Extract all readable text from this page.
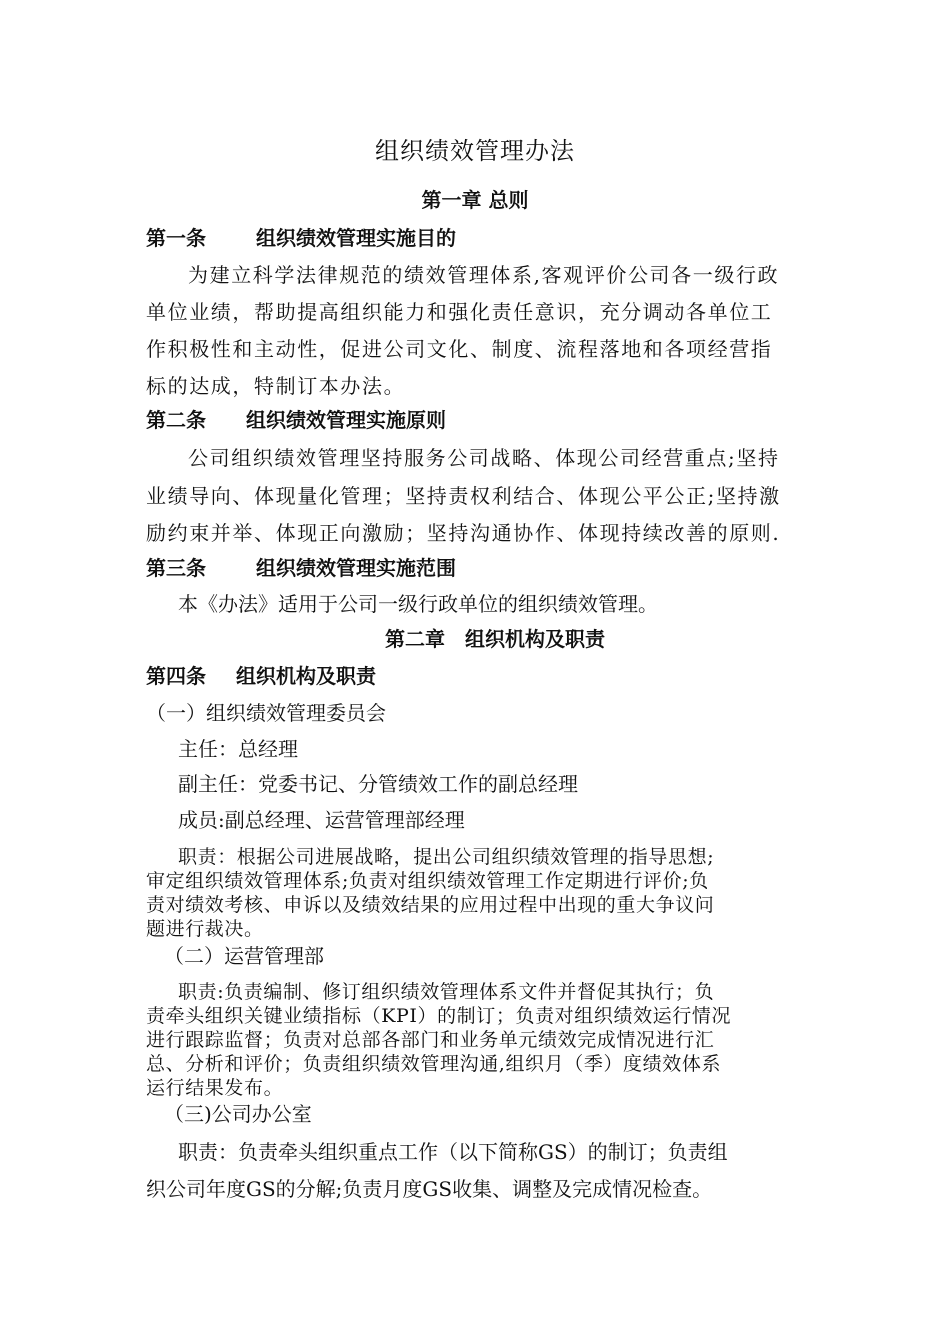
组织绩效管理办法
第一章 总则
第一条	组织绩效管理实施目的
为建立科学法律规范的绩效管理体系,客观评价公司各一级行政
单位业绩，帮助提高组织能力和强化责任意识，充分调动各单位工
作积极性和主动性，促进公司文化、制度、流程落地和各项经营指
标的达成，特制订本办法。
第二条 组织绩效管理实施原则
公司组织绩效管理坚持服务公司战略、体现公司经营重点;坚持
业绩导向、体现量化管理；坚持责权利结合、体现公平公正;坚持激
励约束并举、体现正向激励；坚持沟通协作、体现持续改善的原则.
第三条	组织绩效管理实施范围
本《办法》适用于公司一级行政单位的组织绩效管理。
第二章　组织机构及职责
第四条 组织机构及职责
（一）组织绩效管理委员会
主任：总经理
副主任：党委书记、分管绩效工作的副总经理
成员:副总经理、运营管理部经理
职责：根据公司进展战略，提出公司组织绩效管理的指导思想;
审定组织绩效管理体系;负责对组织绩效管理工作定期进行评价;负
责对绩效考核、申诉以及绩效结果的应用过程中出现的重大争议问
题进行裁决。
（二）运营管理部
职责:负责编制、修订组织绩效管理体系文件并督促其执行；负
责牵头组织关键业绩指标（KPI）的制订；负责对组织绩效运行情况
进行跟踪监督；负责对总部各部门和业务单元绩效完成情况进行汇
总、分析和评价；负责组织绩效管理沟通,组织月（季）度绩效体系
运行结果发布。
（三)公司办公室
职责：负责牵头组织重点工作（以下简称GS）的制订；负责组
织公司年度GS的分解;负责月度GS收集、调整及完成情况检查。
